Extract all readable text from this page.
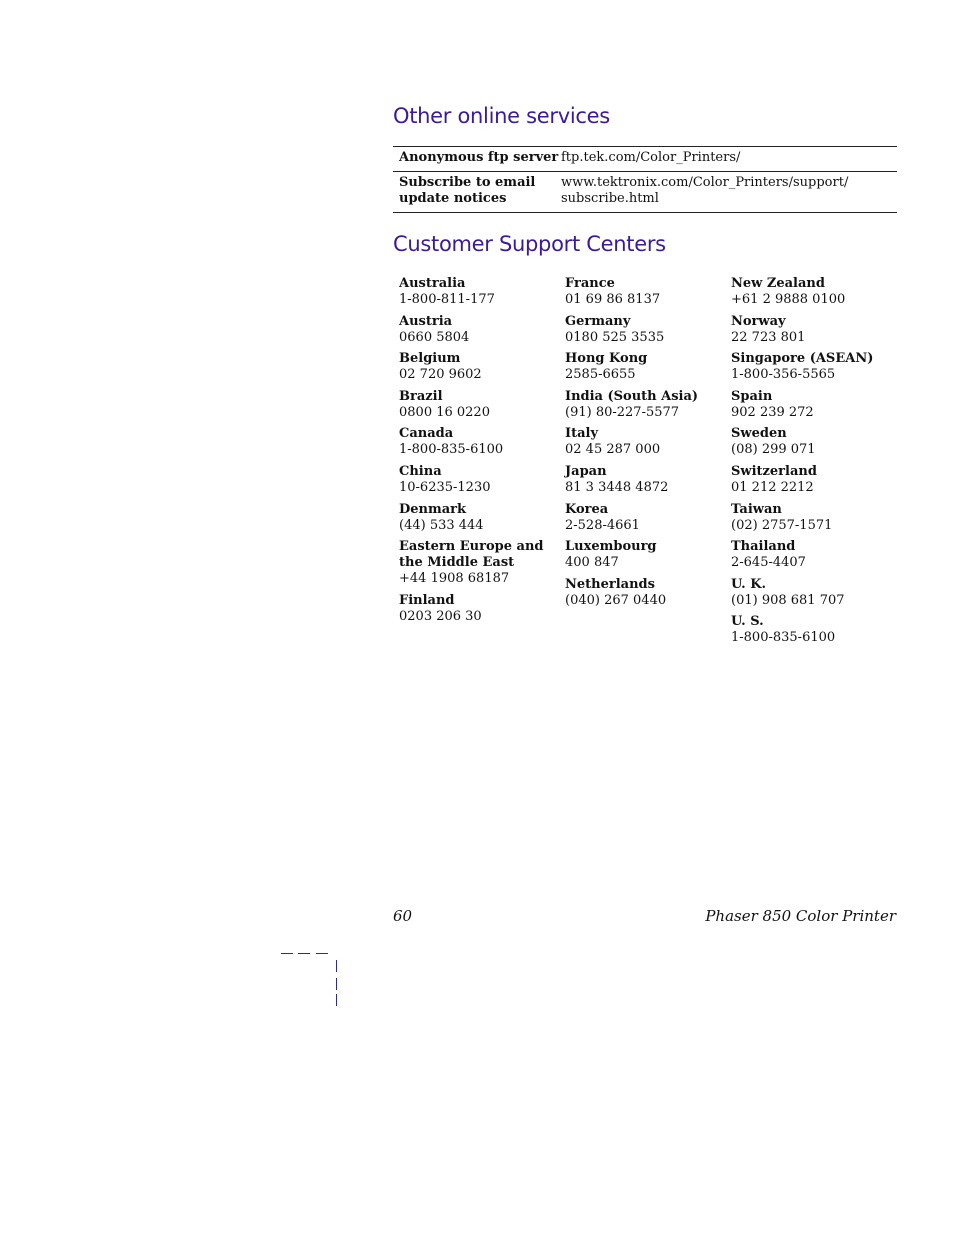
Other online services
Anonymous ftp server ftp.tek.com/Color_Printers/
Subscribe to email
update notices
www.tektronix.com/Color_Printers/support/
subscribe.html
Customer Support Centers
Australia
1-800-811-177
Austria
0660 5804
Belgium
02 720 9602
Brazil
0800 16 0220
Canada
1-800-835-6100
China
10-6235-1230
Denmark
(44) 533 444
Eastern Europe and
the Middle East
+44 1908 68187
Finland
0203 206 30
France
01 69 86 8137
Germany
0180 525 3535
Hong Kong
2585-6655
India (South Asia)
(91) 80-227-5577
Italy
02 45 287 000
Japan
81 3 3448 4872
Korea
2-528-4661
Luxembourg
400 847
Netherlands
(040) 267 0440
New Zealand
+61 2 9888 0100
Norway
22 723 801
Singapore (ASEAN)
1-800-356-5565
Spain
902 239 272
Sweden
(08) 299 071
Switzerland
01 212 2212
Taiwan
(02) 2757-1571
Thailand
2-645-4407
U. K.
(01) 908 681 707
U. S.
1-800-835-6100
60	Phaser 850 Color Printer
